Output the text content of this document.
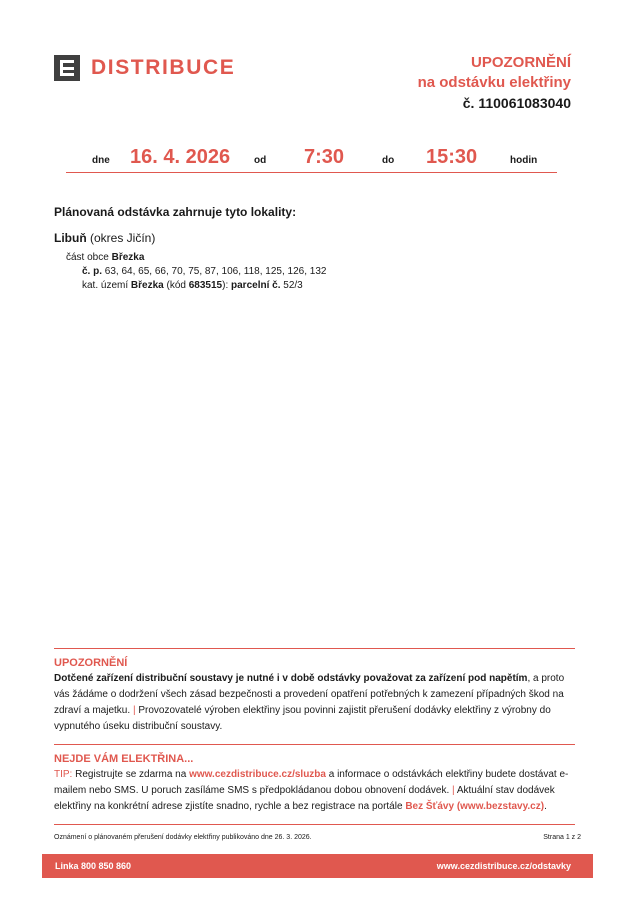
DISTRIBUCE	UPOZORNĚNÍ
na odstávku elektřiny
č. 110061083040
dne 16. 4. 2026 od 7:30	do 15:30	hodin

Plánovaná odstávka zahrnuje tyto lokality:

Libuň (okres Jičín)

část obce Březka
č. p. 63, 64, 65, 66, 70, 75, 87, 106, 118, 125, 126, 132
kat. území Březka (kód 683515): parcelní č. 52/3
UPOZORNĚNÍ
Dotčené zařízení distribuční soustavy je nutné i v době odstávky považovat za zařízení pod napětím, a proto vás žádáme o dodržení všech zásad bezpečnosti a provedení opatření potřebných k zamezení případných škod na zdraví a majetku. | Provozovatelé výroben elektřiny jsou povinni zajistit přerušení dodávky elektřiny z výrobny do vypnutého úseku distribuční soustavy.
NEJDE VÁM ELEKTŘINA...
TIP: Registrujte se zdarma na www.cezdistribuce.cz/sluzba a informace o odstávkách elektřiny budete dostávat e-mailem nebo SMS. U poruch zasíláme SMS s předpokládanou dobou obnovení dodávek. | Aktuální stav dodávek elektřiny na konkrétní adrese zjistíte snadno, rychle a bez registrace na portále Bez Šťávy (www.bezstavy.cz).
Oznámení o plánovaném přerušení dodávky elektřiny publikováno dne 26. 3. 2026.	Strana 1 z 2
Linka 800 850 860	www.cezdistribuce.cz/odstavky
